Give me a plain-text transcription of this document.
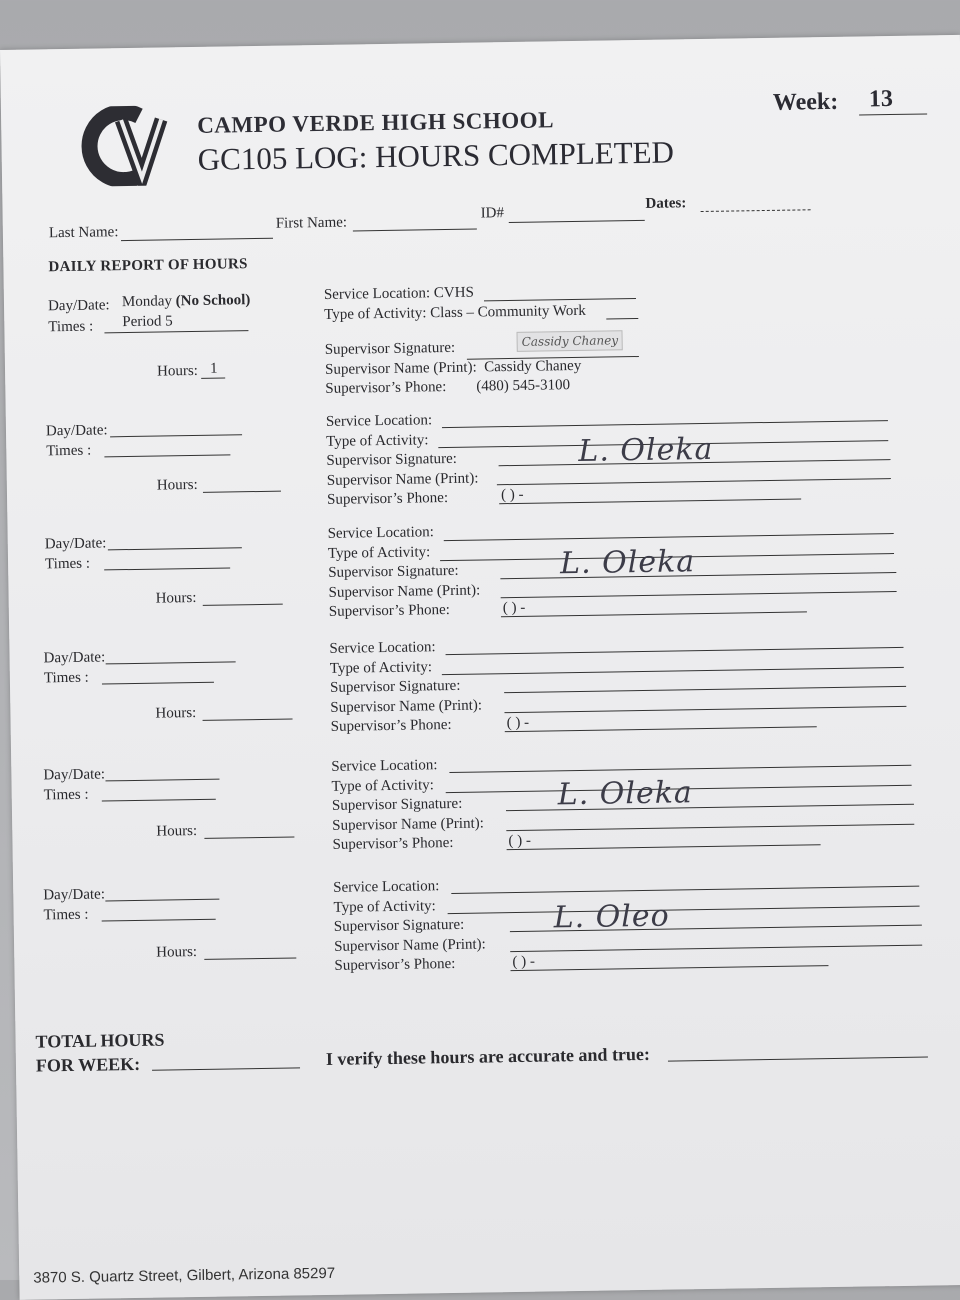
CAMPO VERDE HIGH SCHOOL
GC105 LOG: HOURS COMPLETED
Week: 13
Last Name:
First Name:
ID#
Dates:
DAILY REPORT OF HOURS
Day/Date: Monday (No School)
Times : Period 5
Hours: 1
Service Location: CVHS
Type of Activity: Class – Community Work
Supervisor Signature:
Supervisor Name (Print): Cassidy Chaney
Supervisor’s Phone: (480) 545-3100
Cassidy Chaney
Day/Date:
Times :
Hours:
Service Location:
Type of Activity:
Supervisor Signature:
Supervisor Name (Print):
Supervisor’s Phone:
L. Oleka
( ) -
Day/Date:
Times :
Hours:
Service Location:
Type of Activity:
Supervisor Signature:
Supervisor Name (Print):
Supervisor’s Phone:
L. Oleka
( ) -
Day/Date:
Times :
Hours:
Service Location:
Type of Activity:
Supervisor Signature:
Supervisor Name (Print):
Supervisor’s Phone:	( ) -
Day/Date:
Times :
Hours:
Service Location:
Type of Activity:
Supervisor Signature:
Supervisor Name (Print):
Supervisor’s Phone:
L. Oleka
( ) -
Day/Date:
Times :
Hours:
Service Location:
Type of Activity:
Supervisor Signature:
Supervisor Name (Print):
Supervisor’s Phone:
L. Oleo
( ) -
TOTAL HOURS
FOR WEEK:	I verify these hours are accurate and true:
3870 S. Quartz Street, Gilbert, Arizona 85297
